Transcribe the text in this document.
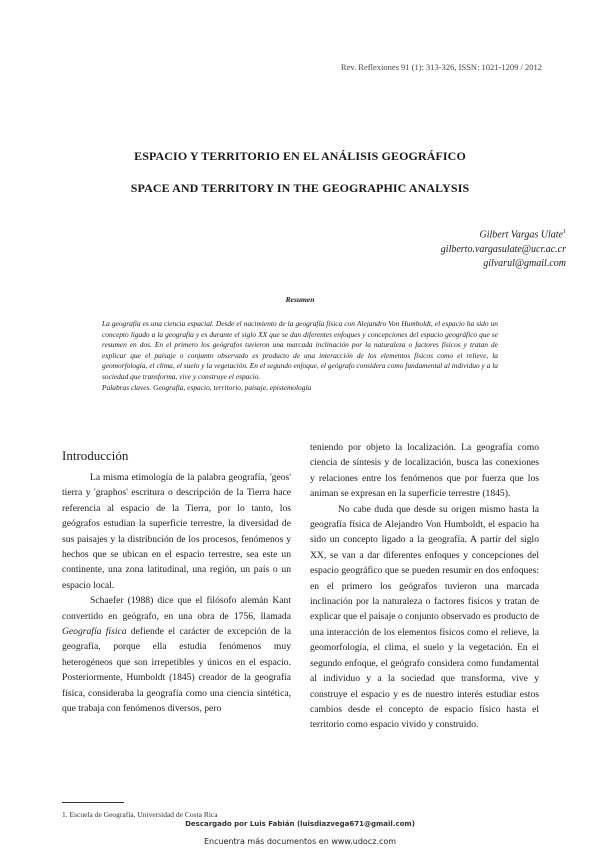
Rev. Reflexiones 91 (1): 313-326, ISSN: 1021-1209 / 2012
ESPACIO Y TERRITORIO EN EL ANÁLISIS GEOGRÁFICO
SPACE AND TERRITORY IN THE GEOGRAPHIC ANALYSIS
Gilbert Vargas Ulate$^1$
gilberto.vargasulate@ucr.ac.cr
gilvarul@gmail.com
Resumen

La geografía es una ciencia espacial. Desde el nacimiento de la geografía física con Alejandro Von Humboldt, el espacio ha sido un concepto ligado a la geografía y es durante el siglo XX que se dan diferentes enfoques y concepciones del espacio geográfico que se resumen en dos. En el primero los geógrafos tuvieron una marcada inclinación por la naturaleza o factores físicos y tratan de explicar que el paisaje o conjunto observado es producto de una interacción de los elementos físicos como el relieve, la geomorfología, el clima, el suelo y la vegetación. En el segundo enfoque, el geógrafo considera como fundamental al individuo y a la sociedad que transforma, vive y construye el espacio.

Palabras claves. Geografía, espacio, territorio, paisaje, epistemología

Introducción

La misma etimología de la palabra geografía, 'geos' tierra y 'graphos' escritura o descripción de la Tierra hace referencia al espacio de la Tierra, por lo tanto, los geógrafos estudian la superficie terrestre, la diversidad de sus paisajes y la distribución de los procesos, fenómenos y hechos que se ubican en el espacio terrestre, sea este un continente, una zona latitudinal, una región, un país o un espacio local.

Schaefer (1988) dice que el filósofo alemán Kant convertido en geógrafo, en una obra de 1756, llamada Geografía física defiende el carácter de excepción de la geografía, porque ella estudia fenómenos muy heterogéneos que son irrepetibles y únicos en el espacio. Posteriormente, Humboldt (1845) creador de la geografía física, consideraba la geografía como una ciencia sintética, que trabaja con fenómenos diversos, pero

teniendo por objeto la localización. La geografía como ciencia de síntesis y de localización, busca las conexiones y relaciones entre los fenómenos que por fuerza que los animan se expresan en la superficie terrestre (1845).

No cabe duda que desde su origen mismo hasta la geografía física de Alejandro Von Humboldt, el espacio ha sido un concepto ligado a la geografía. A partir del siglo XX, se van a dar diferentes enfoques y concepciones del espacio geográfico que se pueden resumir en dos enfoques: en el primero los geógrafos tuvieron una marcada inclinación por la naturaleza o factores físicos y tratan de explicar que el paisaje o conjunto observado es producto de una interacción de los elementos físicos como el relieve, la geomorfología, el clima, el suelo y la vegetación. En el segundo enfoque, el geógrafo considera como fundamental al individuo y a la sociedad que transforma, vive y construye el espacio y es de nuestro interés estudiar estos cambios desde el concepto de espacio físico hasta el territorio como espacio vivido y construido.

1. Escuela de Geografía, Universidad de Costa Rica
Descargado por Luis Fabián (luisdiazvega671@gmail.com)
Encuentra más documentos en www.udocz.com
